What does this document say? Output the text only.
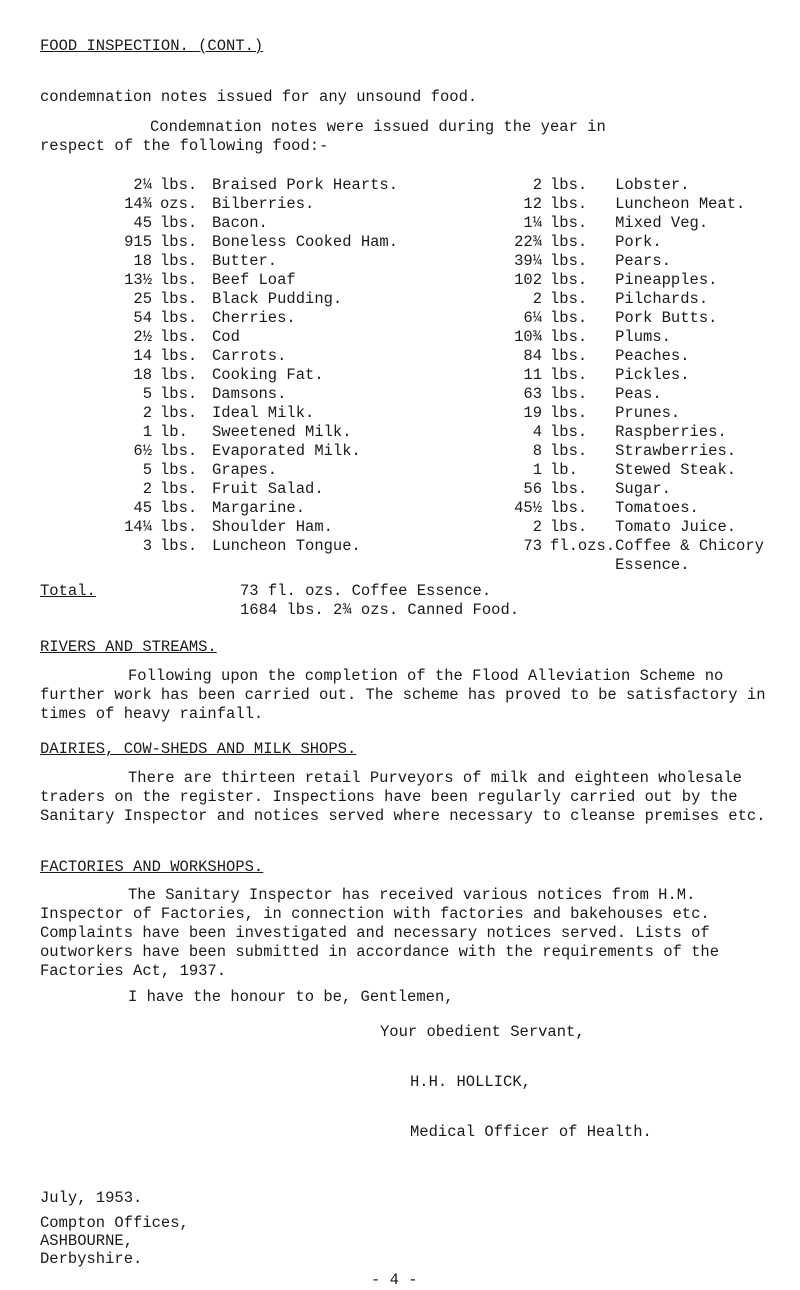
FOOD INSPECTION. (CONT.)
condemnation notes issued for any unsound food.
Condemnation notes were issued during the year in
respect of the following food:-
2¼	lbs.	Braised Pork Hearts.	2	lbs.	Lobster.
14¾	ozs.	Bilberries.	12	lbs.	Luncheon Meat.
45	lbs.	Bacon.	1¼	lbs.	Mixed Veg.
915	lbs.	Boneless Cooked Ham.	22¾	lbs.	Pork.
18	lbs.	Butter.	39¼	lbs.	Pears.
13½	lbs.	Beef Loaf	102	lbs.	Pineapples.
25	lbs.	Black Pudding.	2	lbs.	Pilchards.
54	lbs.	Cherries.	6¼	lbs.	Pork Butts.
2½	lbs.	Cod	10¾	lbs.	Plums.
14	lbs.	Carrots.	84	lbs.	Peaches.
18	lbs.	Cooking Fat.	11	lbs.	Pickles.
5	lbs.	Damsons.	63	lbs.	Peas.
2	lbs.	Ideal Milk.	19	lbs.	Prunes.
1	lb.	Sweetened Milk.	4	lbs.	Raspberries.
6½	lbs.	Evaporated Milk.	8	lbs.	Strawberries.
5	lbs.	Grapes.	1	lb.	Stewed Steak.
2	lbs.	Fruit Salad.	56	lbs.	Sugar.
45	lbs.	Margarine.	45½	lbs.	Tomatoes.
14¼	lbs.	Shoulder Ham.	2	lbs.	Tomato Juice.
3	lbs.	Luncheon Tongue.	73	fl.ozs.	Coffee & Chicory
					Essence.
Total.	73 fl. ozs. Coffee Essence.
1684 lbs. 2¾ ozs. Canned Food.
RIVERS AND STREAMS.
Following upon the completion of the Flood Alleviation Scheme no further work has been carried out. The scheme has proved to be satisfactory in times of heavy rainfall.
DAIRIES, COW-SHEDS AND MILK SHOPS.
There are thirteen retail Purveyors of milk and eighteen wholesale traders on the register. Inspections have been regularly carried out by the Sanitary Inspector and notices served where necessary to cleanse premises etc.
FACTORIES AND WORKSHOPS.
The Sanitary Inspector has received various notices from H.M. Inspector of Factories, in connection with factories and bakehouses etc. Complaints have been investigated and necessary notices served. Lists of outworkers have been submitted in accordance with the requirements of the Factories Act, 1937.
I have the honour to be, Gentlemen,
Your obedient Servant,
H.H. HOLLICK,
Medical Officer of Health.
July, 1953.
Compton Offices,
ASHBOURNE,
Derbyshire.
- 4 -
